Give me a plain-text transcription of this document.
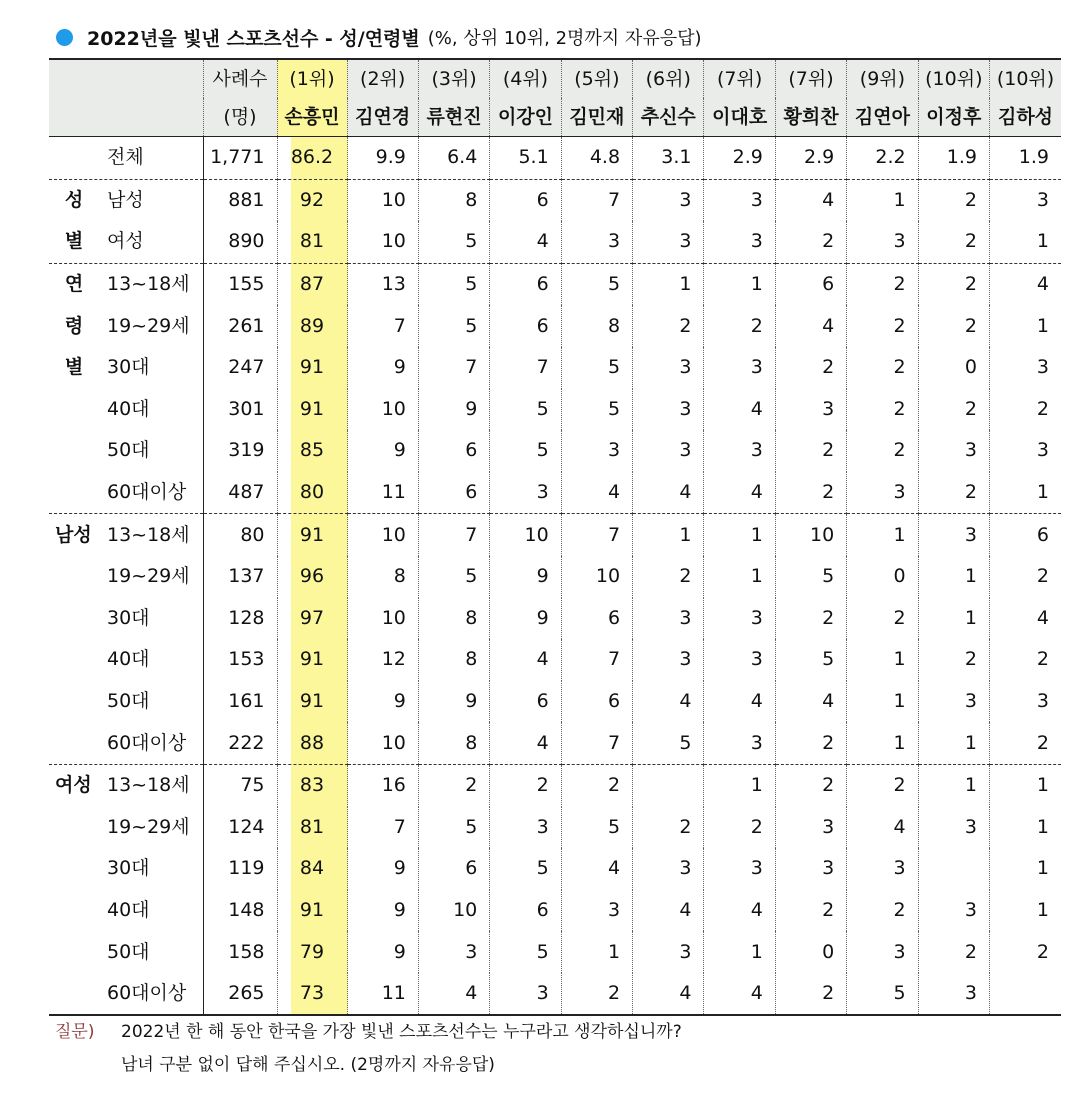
2022년을 빛낸 스포츠선수 - 성/연령별 (%, 상위 10위, 2명까지 자유응답)
	사례수	(1위)	(2위)	(3위)	(4위)	(5위)	(6위)	(7위)	(7위)	(9위)	(10위)	(10위)
	(명)	손흥민	김연경	류현진	이강인	김민재	추신수	이대호	황희찬	김연아	이정후	김하성
전체	1,771	86.2	9.9	6.4	5.1	4.8	3.1	2.9	2.9	2.2	1.9	1.9
성 남성	881	92	10	8	6	7	3	3	4	1	2	3
별 여성	890	81	10	5	4	3	3	3	2	3	2	1
연 13~18세	155	87	13	5	6	5	1	1	6	2	2	4
령 19~29세	261	89	7	5	6	8	2	2	4	2	2	1
별 30대	247	91	9	7	7	5	3	3	2	2	0	3
40대	301	91	10	9	5	5	3	4	3	2	2	2
50대	319	85	9	6	5	3	3	3	2	2	3	3
60대이상	487	80	11	6	3	4	4	4	2	3	2	1
남성 13~18세	80	91	10	7	10	7	1	1	10	1	3	6
19~29세	137	96	8	5	9	10	2	1	5	0	1	2
30대	128	97	10	8	9	6	3	3	2	2	1	4
40대	153	91	12	8	4	7	3	3	5	1	2	2
50대	161	91	9	9	6	6	4	4	4	1	3	3
60대이상	222	88	10	8	4	7	5	3	2	1	1	2
여성 13~18세	75	83	16	2	2	2		1	2	2	1	1
19~29세	124	81	7	5	3	5	2	2	3	4	3	1
30대	119	84	9	6	5	4	3	3	3	3		1
40대	148	91	9	10	6	3	4	4	2	2	3	1
50대	158	79	9	3	5	1	3	1	0	3	2	2
60대이상	265	73	11	4	3	2	4	4	2	5	3	
질문) 2022년 한 해 동안 한국을 가장 빛낸 스포츠선수는 누구라고 생각하십니까?
남녀 구분 없이 답해 주십시오. (2명까지 자유응답)
